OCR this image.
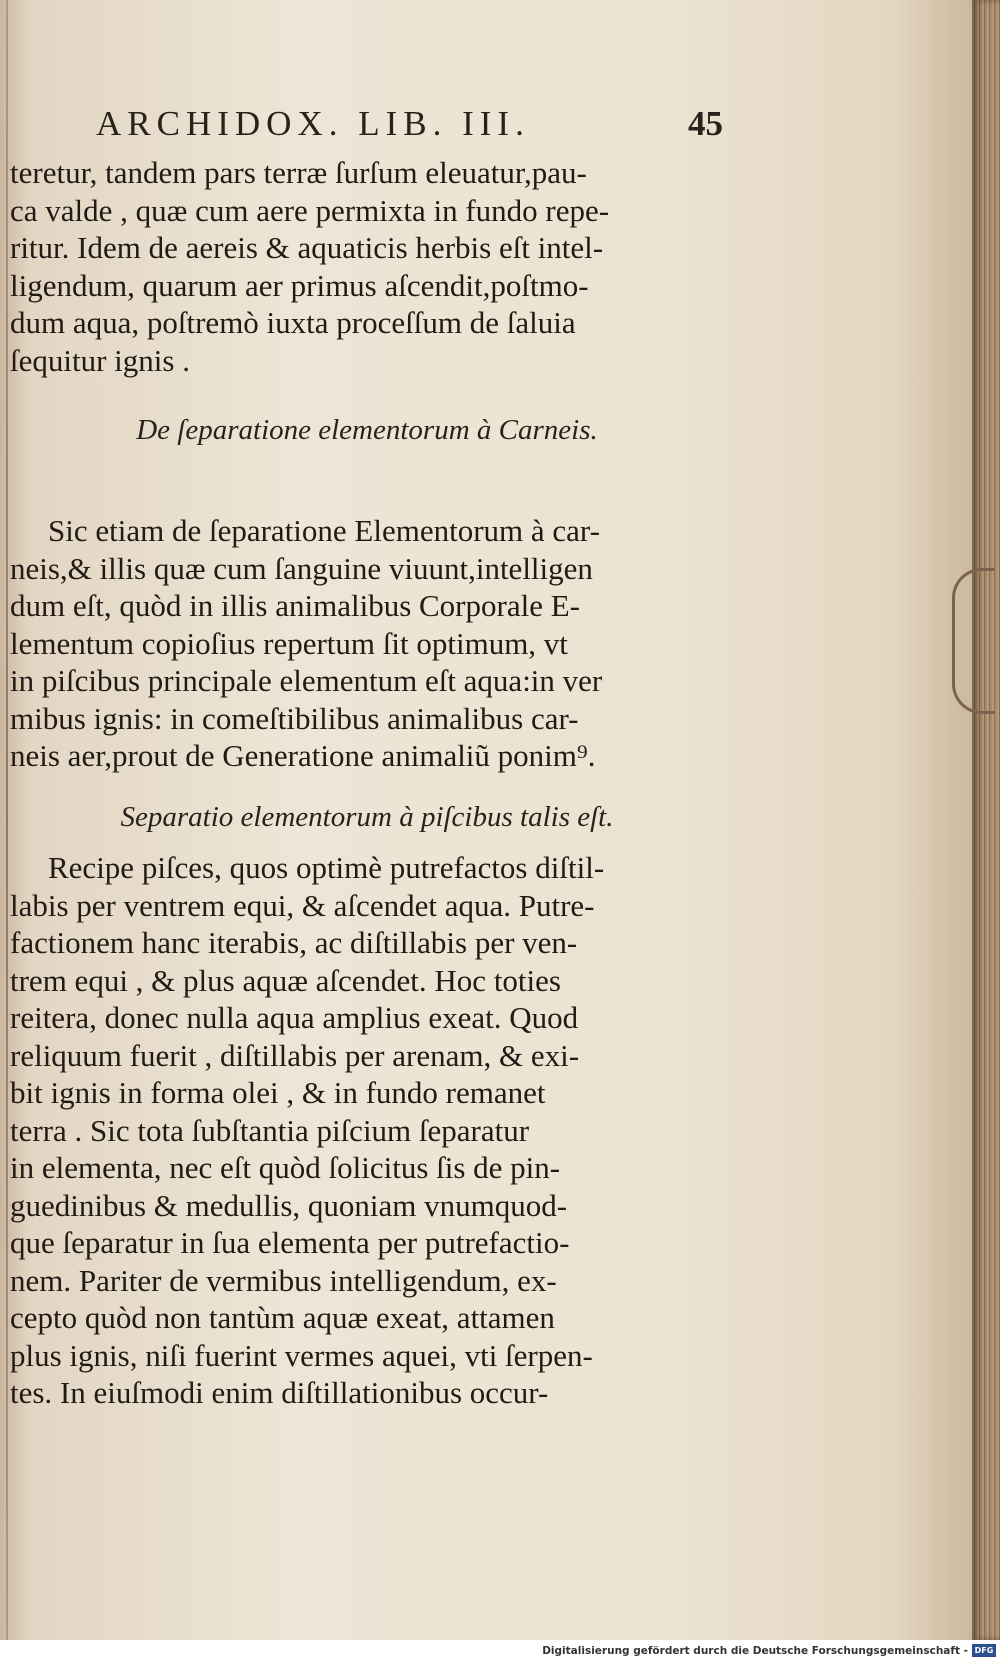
ARCHIDOX. LIB. III.	45
teretur, tandem pars terræ ſurſum eleuatur,pau-
ca valde , quæ cum aere permixta in fundo repe-
ritur. Idem de aereis & aquaticis herbis eſt intel-
ligendum, quarum aer primus aſcendit,poſtmo-
dum aqua, poſtremò iuxta proceſſum de ſaluia
ſequitur ignis .
De ſeparatione elementorum à Carneis.
Sic etiam de ſeparatione Elementorum à car-
neis,& illis quæ cum ſanguine viuunt,intelligen
dum eſt, quòd in illis animalibus Corporale E-
lementum copioſius repertum ſit optimum, vt
in piſcibus principale elementum eſt aqua:in ver
mibus ignis: in comeſtibilibus animalibus car-
neis aer,prout de Generatione animaliũ ponim⁹.
Separatio elementorum à piſcibus talis eſt.
Recipe piſces, quos optimè putrefactos diſtil-
labis per ventrem equi, & aſcendet aqua. Putre-
factionem hanc iterabis, ac diſtillabis per ven-
trem equi , & plus aquæ aſcendet. Hoc toties
reitera, donec nulla aqua amplius exeat. Quod
reliquum fuerit , diſtillabis per arenam, & exi-
bit ignis in forma olei , & in fundo remanet
terra . Sic tota ſubſtantia piſcium ſeparatur
in elementa, nec eſt quòd ſolicitus ſis de pin-
guedinibus & medullis, quoniam vnumquod-
que ſeparatur in ſua elementa per putrefactio-
nem. Pariter de vermibus intelligendum, ex-
cepto quòd non tantùm aquæ exeat, attamen
plus ignis, niſi fuerint vermes aquei, vti ſerpen-
tes. In eiuſmodi enim diſtillationibus occur-
Digitalisierung gefördert durch die Deutsche Forschungsgemeinschaft - DFG
